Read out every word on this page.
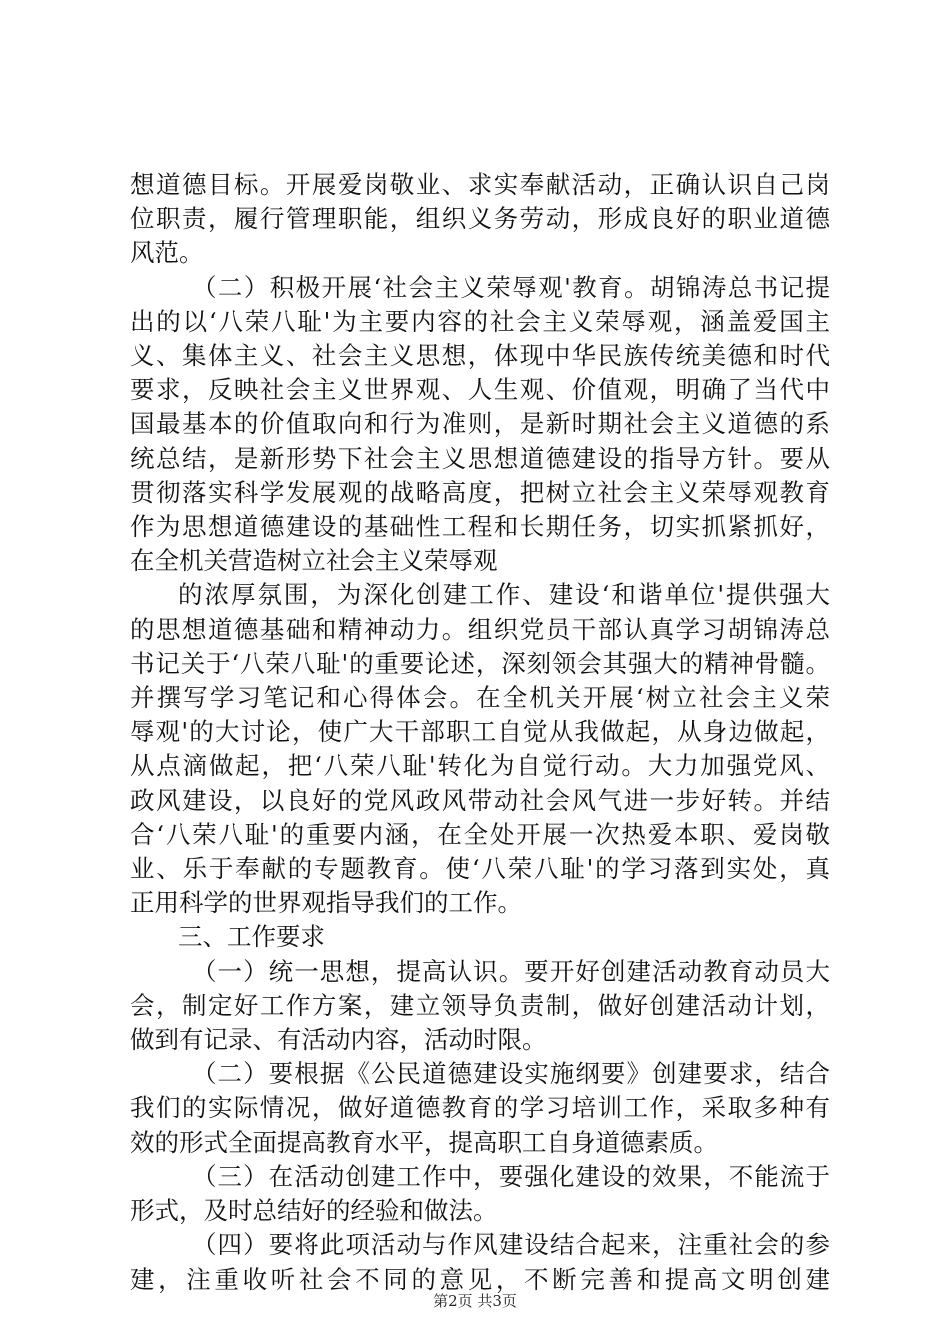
想道德目标。开展爱岗敬业、求实奉献活动，正确认识自己岗
位职责，履行管理职能，组织义务劳动，形成良好的职业道德
风范。
（二）积极开展‘社会主义荣辱观'教育。胡锦涛总书记提
出的以‘八荣八耻'为主要内容的社会主义荣辱观，涵盖爱国主
义、集体主义、社会主义思想，体现中华民族传统美德和时代
要求，反映社会主义世界观、人生观、价值观，明确了当代中
国最基本的价值取向和行为准则，是新时期社会主义道德的系
统总结，是新形势下社会主义思想道德建设的指导方针。要从
贯彻落实科学发展观的战略高度，把树立社会主义荣辱观教育
作为思想道德建设的基础性工程和长期任务，切实抓紧抓好，
在全机关营造树立社会主义荣辱观
的浓厚氛围，为深化创建工作、建设‘和谐单位'提供强大
的思想道德基础和精神动力。组织党员干部认真学习胡锦涛总
书记关于‘八荣八耻'的重要论述，深刻领会其强大的精神骨髓。
并撰写学习笔记和心得体会。在全机关开展‘树立社会主义荣
辱观'的大讨论，使广大干部职工自觉从我做起，从身边做起，
从点滴做起，把‘八荣八耻'转化为自觉行动。大力加强党风、
政风建设，以良好的党风政风带动社会风气进一步好转。并结
合‘八荣八耻'的重要内涵，在全处开展一次热爱本职、爱岗敬
业、乐于奉献的专题教育。使‘八荣八耻'的学习落到实处，真
正用科学的世界观指导我们的工作。
三、工作要求
（一）统一思想，提高认识。要开好创建活动教育动员大
会，制定好工作方案，建立领导负责制，做好创建活动计划，
做到有记录、有活动内容，活动时限。
（二）要根据《公民道德建设实施纲要》创建要求，结合
我们的实际情况，做好道德教育的学习培训工作，采取多种有
效的形式全面提高教育水平，提高职工自身道德素质。
（三）在活动创建工作中，要强化建设的效果，不能流于
形式，及时总结好的经验和做法。
（四）要将此项活动与作风建设结合起来，注重社会的参
建，注重收听社会不同的意见，不断完善和提高文明创建
第2页 共3页
